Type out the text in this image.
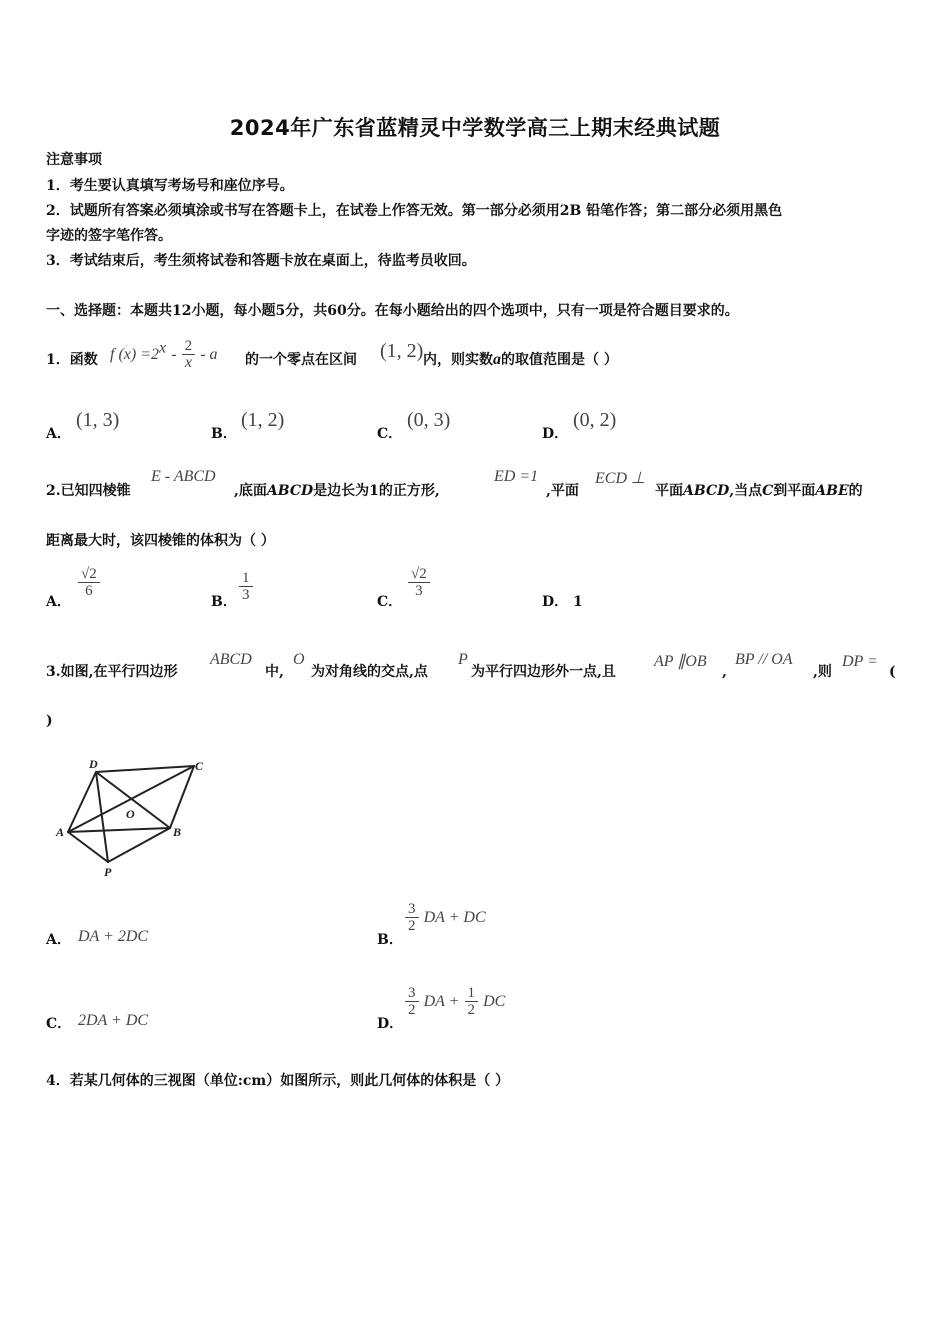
2024年广东省蓝精灵中学数学高三上期末经典试题
注意事项
1．考生要认真填写考场号和座位序号。
2．试题所有答案必须填涂或书写在答题卡上，在试卷上作答无效。第一部分必须用2B 铅笔作答；第二部分必须用黑色
字迹的签字笔作答。
3．考试结束后，考生须将试卷和答题卡放在桌面上，待监考员收回。
一、选择题：本题共12小题，每小题5分，共60分。在每小题给出的四个选项中，只有一项是符合题目要求的。
1．函数 f $(x) =2^x - \frac{2}{x} - a$ 的一个零点在区间 (1, 2) 内，则实数a的取值范围是（ ）
A．
(1, 3)
B．
(1, 2)
C．
(0, 3)
D．
(0, 2)
2.已知四棱锥
E - ABCD
,底面ABCD是边长为1的正方形,
ED =1
,平面
ECD ⊥
平面ABCD,当点C到平面ABE的
距离最大时，该四棱锥的体积为（ ）
A．
$\frac{√2}{6}$
B． $\frac{1}{3}$	C．
$\frac{√2}{3}$
D． 1
3.如图,在平行四边形
ABCD
中,
O
为对角线的交点,点
P
为平行四边形外一点,且
AP ∥OB
,
BP // OA
,则
DP =
(
)
D	C
A
O
B
P
A． DA + 2DC	B．
$\frac{3}{2}$ DA + DC
C． 2DA + DC	D．
$\frac{3}{2}$ DA + $\frac{1}{2}$ DC
4．若某几何体的三视图（单位:cm）如图所示，则此几何体的体积是（ ）
